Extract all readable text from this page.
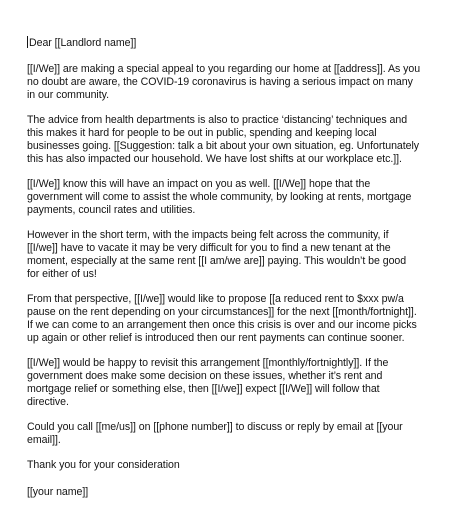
Dear [[Landlord name]]

[[I/We]] are making a special appeal to you regarding our home at [[address]]. As you
no doubt are aware, the COVID-19 coronavirus is having a serious impact on many
in our community.

The advice from health departments is also to practice ‘distancing’ techniques and
this makes it hard for people to be out in public, spending and keeping local
businesses going. [[Suggestion: talk a bit about your own situation, eg. Unfortunately
this has also impacted our household. We have lost shifts at our workplace etc.]].

[[I/We]] know this will have an impact on you as well. [[I/We]] hope that the
government will come to assist the whole community, by looking at rents, mortgage
payments, council rates and utilities.

However in the short term, with the impacts being felt across the community, if
[[I/we]] have to vacate it may be very difficult for you to find a new tenant at the
moment, especially at the same rent [[I am/we are]] paying. This wouldn’t be good
for either of us!

From that perspective, [[I/we]] would like to propose [[a reduced rent to $xxx pw/a
pause on the rent depending on your circumstances]] for the next [[month/fortnight]].
If we can come to an arrangement then once this crisis is over and our income picks
up again or other relief is introduced then our rent payments can continue sooner.

[[I/We]] would be happy to revisit this arrangement [[monthly/fortnightly]]. If the
government does make some decision on these issues, whether it’s rent and
mortgage relief or something else, then [[I/we]] expect [[I/We]] will follow that
directive.

Could you call [[me/us]] on [[phone number]] to discuss or reply by email at [[your
email]].

Thank you for your consideration

[[your name]]
